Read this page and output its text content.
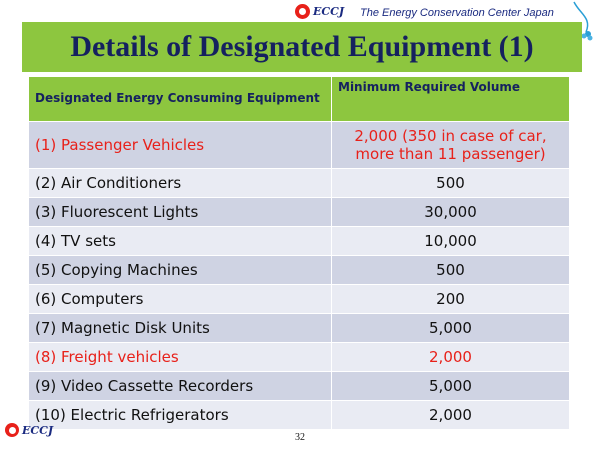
ECCJ The Energy Conservation Center Japan
Details of Designated Equipment (1)
Designated Energy Consuming Equipment	Minimum Required Volume
(1) Passenger Vehicles	2,000 (350 in case of car, more than 11 passenger)
(2) Air Conditioners	500
(3) Fluorescent Lights	30,000
(4) TV sets	10,000
(5) Copying Machines	500
(6) Computers	200
(7) Magnetic Disk Units	5,000
(8) Freight vehicles	2,000
(9) Video Cassette Recorders	5,000
(10) Electric Refrigerators	2,000
ECCJ
32
